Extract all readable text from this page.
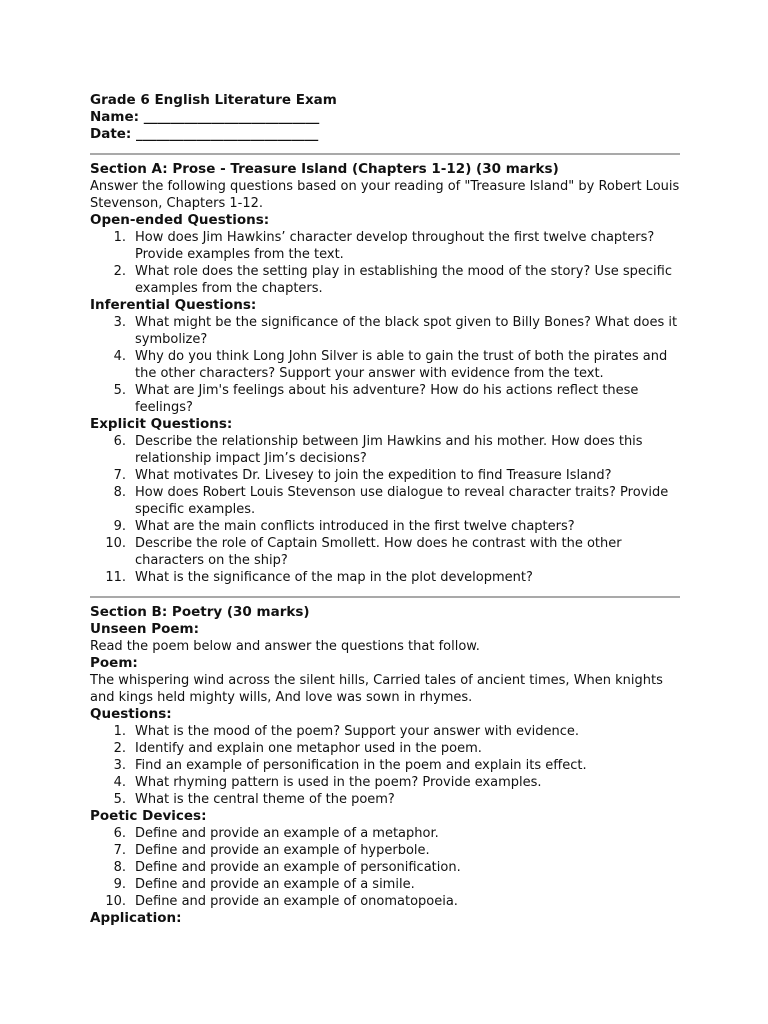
Grade 6 English Literature Exam
Name: __________________________
Date: ___________________________
Section A: Prose - Treasure Island (Chapters 1-12) (30 marks)

Answer the following questions based on your reading of "Treasure Island" by Robert Louis Stevenson, Chapters 1-12.

Open-ended Questions:
1. How does Jim Hawkins’ character develop throughout the first twelve chapters? Provide examples from the text.
2. What role does the setting play in establishing the mood of the story? Use specific examples from the chapters.
Inferential Questions:
3. What might be the significance of the black spot given to Billy Bones? What does it symbolize?
4. Why do you think Long John Silver is able to gain the trust of both the pirates and the other characters? Support your answer with evidence from the text.
5. What are Jim's feelings about his adventure? How do his actions reflect these feelings?
Explicit Questions:
6. Describe the relationship between Jim Hawkins and his mother. How does this relationship impact Jim’s decisions?
7. What motivates Dr. Livesey to join the expedition to find Treasure Island?
8. How does Robert Louis Stevenson use dialogue to reveal character traits? Provide specific examples.
9. What are the main conflicts introduced in the first twelve chapters?
10. Describe the role of Captain Smollett. How does he contrast with the other characters on the ship?
11. What is the significance of the map in the plot development?
Section B: Poetry (30 marks)
Unseen Poem:

Read the poem below and answer the questions that follow.

Poem:

The whispering wind across the silent hills, Carried tales of ancient times, When knights and kings held mighty wills, And love was sown in rhymes.

Questions:
1. What is the mood of the poem? Support your answer with evidence.
2. Identify and explain one metaphor used in the poem.
3. Find an example of personification in the poem and explain its effect.
4. What rhyming pattern is used in the poem? Provide examples.
5. What is the central theme of the poem?
Poetic Devices:
6. Define and provide an example of a metaphor.
7. Define and provide an example of hyperbole.
8. Define and provide an example of personification.
9. Define and provide an example of a simile.
10. Define and provide an example of onomatopoeia.
Application:
